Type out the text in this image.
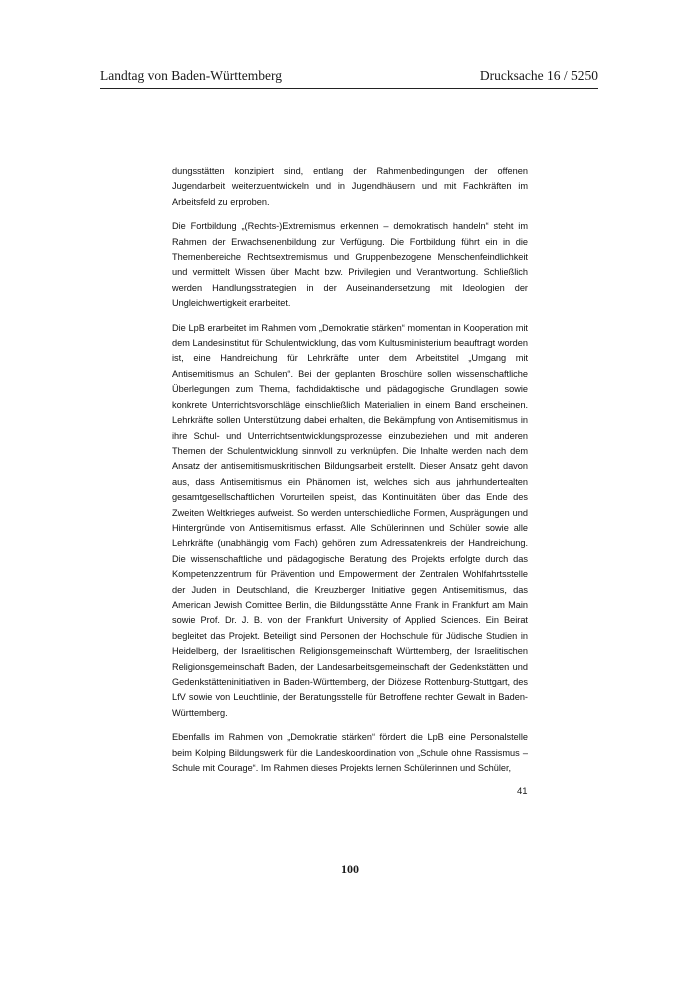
Landtag von Baden-Württemberg	Drucksache 16 / 5250

dungsstätten konzipiert sind, entlang der Rahmenbedingungen der offenen Jugendarbeit weiterzuentwickeln und in Jugendhäusern und mit Fachkräften im Arbeitsfeld zu erproben.

Die Fortbildung „(Rechts-)Extremismus erkennen – demokratisch handeln“ steht im Rahmen der Erwachsenenbildung zur Verfügung. Die Fortbildung führt ein in die Themenbereiche Rechtsextremismus und Gruppenbezogene Menschenfeindlichkeit und vermittelt Wissen über Macht bzw. Privilegien und Verantwortung. Schließlich werden Handlungsstrategien in der Auseinandersetzung mit Ideologien der Ungleichwertigkeit erarbeitet.

Die LpB erarbeitet im Rahmen vom „Demokratie stärken“ momentan in Kooperation mit dem Landesinstitut für Schulentwicklung, das vom Kultusministerium beauftragt worden ist, eine Handreichung für Lehrkräfte unter dem Arbeitstitel „Umgang mit Antisemitismus an Schulen“. Bei der geplanten Broschüre sollen wissenschaftliche Überlegungen zum Thema, fachdidaktische und pädagogische Grundlagen sowie konkrete Unterrichtsvorschläge einschließlich Materialien in einem Band erscheinen. Lehrkräfte sollen Unterstützung dabei erhalten, die Bekämpfung von Antisemitismus in ihre Schul- und Unterrichtsentwicklungsprozesse einzubeziehen und mit anderen Themen der Schulentwicklung sinnvoll zu verknüpfen. Die Inhalte werden nach dem Ansatz der antisemitismuskritischen Bildungsarbeit erstellt. Dieser Ansatz geht davon aus, dass Antisemitismus ein Phänomen ist, welches sich aus jahrhundertealten gesamtgesellschaftlichen Vorurteilen speist, das Kontinuitäten über das Ende des Zweiten Weltkrieges aufweist. So werden unterschiedliche Formen, Ausprägungen und Hintergründe von Antisemitismus erfasst. Alle Schülerinnen und Schüler sowie alle Lehrkräfte (unabhängig vom Fach) gehören zum Adressatenkreis der Handreichung. Die wissenschaftliche und pädagogische Beratung des Projekts erfolgte durch das Kompetenzzentrum für Prävention und Empowerment der Zentralen Wohlfahrtsstelle der Juden in Deutschland, die Kreuzberger Initiative gegen Antisemitismus, das American Jewish Comittee Berlin, die Bildungsstätte Anne Frank in Frankfurt am Main sowie Prof. Dr. J. B. von der Frankfurt University of Applied Sciences. Ein Beirat begleitet das Projekt. Beteiligt sind Personen der Hochschule für Jüdische Studien in Heidelberg, der Israelitischen Religionsgemeinschaft Württemberg, der Israelitischen Religionsgemeinschaft Baden, der Landesarbeitsgemeinschaft der Gedenkstätten und Gedenkstätteninitiativen in Baden-Württemberg, der Diözese Rottenburg-Stuttgart, des LfV sowie von Leuchtlinie, der Beratungsstelle für Betroffene rechter Gewalt in Baden-Württemberg.

Ebenfalls im Rahmen von „Demokratie stärken“ fördert die LpB eine Personalstelle beim Kolping Bildungswerk für die Landeskoordination von „Schule ohne Rassismus – Schule mit Courage“. Im Rahmen dieses Projekts lernen Schülerinnen und Schüler,

41
100
